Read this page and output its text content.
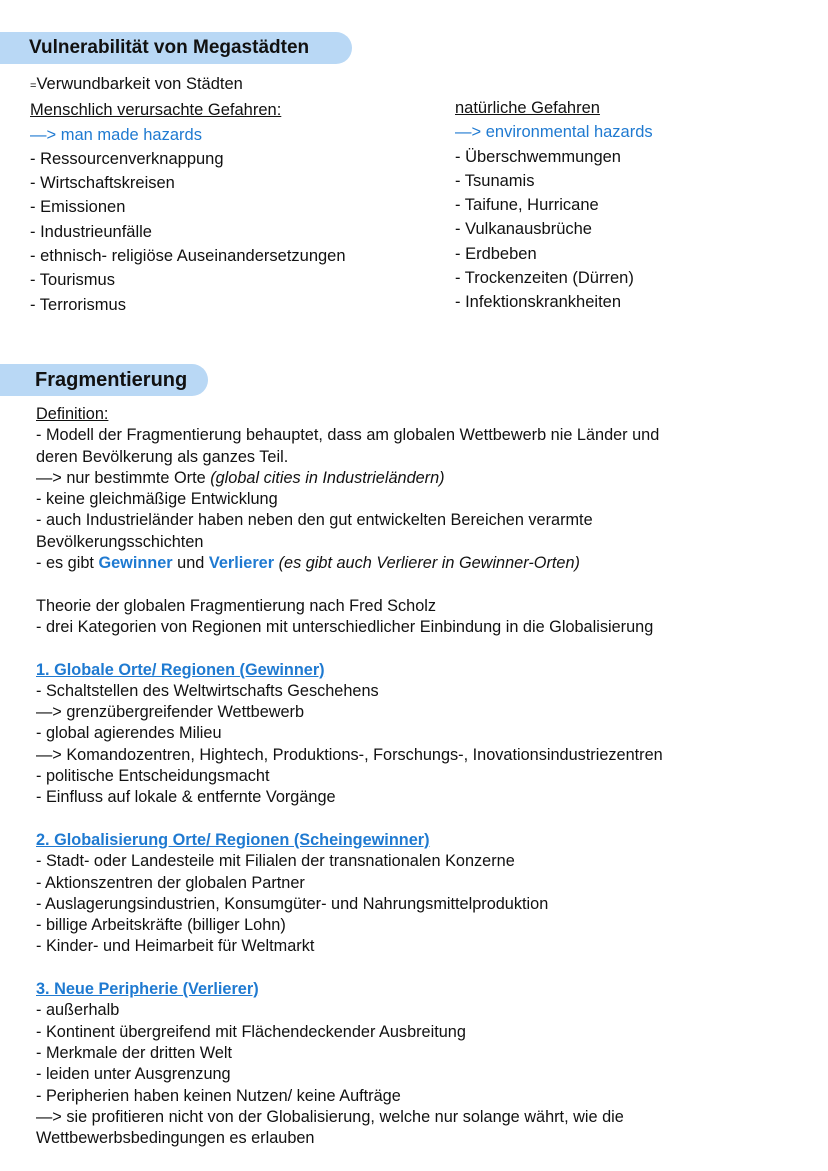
Vulnerabilität von Megastädten
=Verwundbarkeit von Städten
Menschlich verursachte Gefahren:
—> man made hazards
- Ressourcenverknappung
- Wirtschaftskreisen
- Emissionen
- Industrieunfälle
- ethnisch- religiöse Auseinandersetzungen
- Tourismus
- Terrorismus
natürliche Gefahren
—> environmental hazards
- Überschwemmungen
- Tsunamis
- Taifune, Hurricane
- Vulkanausbrüche
- Erdbeben
- Trockenzeiten (Dürren)
- Infektionskrankheiten
Fragmentierung
Definition:
- Modell der Fragmentierung behauptet, dass am globalen Wettbewerb nie Länder und
deren Bevölkerung als ganzes Teil.
—> nur bestimmte Orte (global cities in Industrieländern)
- keine gleichmäßige Entwicklung
- auch Industrieländer haben neben den gut entwickelten Bereichen verarmte
Bevölkerungsschichten
- es gibt Gewinner und Verlierer (es gibt auch Verlierer in Gewinner-Orten)
Theorie der globalen Fragmentierung nach Fred Scholz
- drei Kategorien von Regionen mit unterschiedlicher Einbindung in die Globalisierung
1. Globale Orte/ Regionen (Gewinner)
- Schaltstellen des Weltwirtschafts Geschehens
—> grenzübergreifender Wettbewerb
- global agierendes Milieu
—> Komandozentren, Hightech, Produktions-, Forschungs-, Inovationsindustriezentren
- politische Entscheidungsmacht
- Einfluss auf lokale & entfernte Vorgänge
2. Globalisierung Orte/ Regionen (Scheingewinner)
- Stadt- oder Landesteile mit Filialen der transnationalen Konzerne
- Aktionszentren der globalen Partner
- Auslagerungsindustrien, Konsumgüter- und Nahrungsmittelproduktion
- billige Arbeitskräfte (billiger Lohn)
- Kinder- und Heimarbeit für Weltmarkt
3. Neue Peripherie (Verlierer)
- außerhalb
- Kontinent übergreifend mit Flächendeckender Ausbreitung
- Merkmale der dritten Welt
- leiden unter Ausgrenzung
- Peripherien haben keinen Nutzen/ keine Aufträge
—> sie profitieren nicht von der Globalisierung, welche nur solange währt, wie die
Wettbewerbsbedingungen es erlauben
